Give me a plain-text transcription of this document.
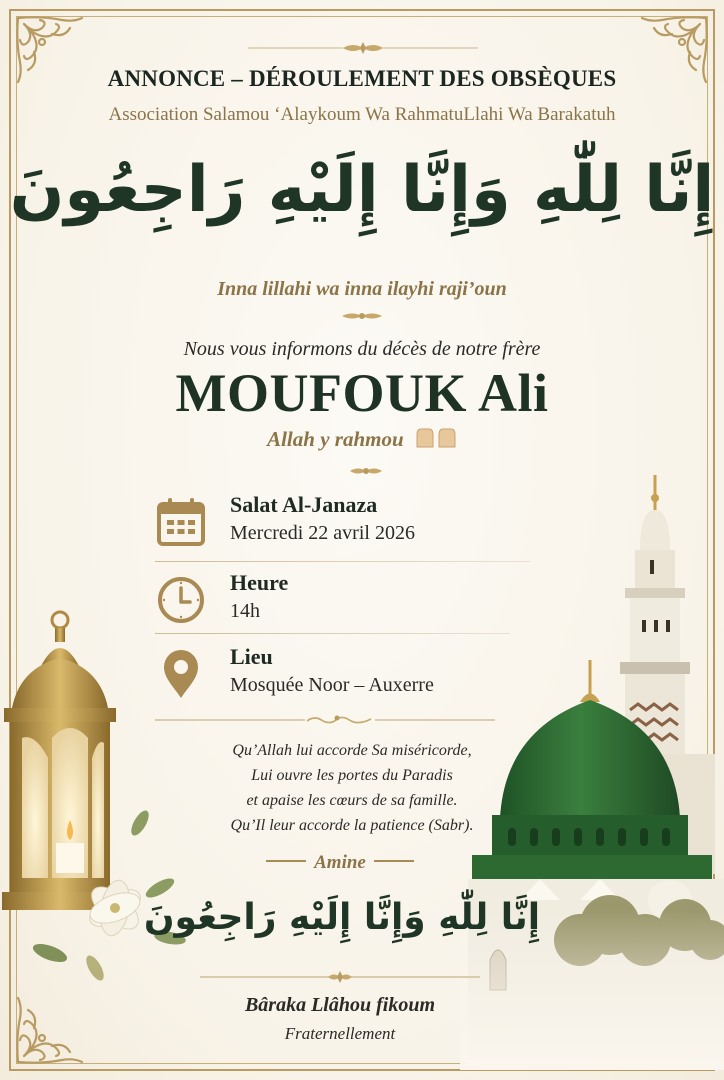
ANNONCE – DÉROULEMENT DES OBSÈQUES
Association Salamou ‘Alaykoum Wa RahmatuLlahi Wa Barakatuh
إِنَّا لِلّٰهِ وَإِنَّا إِلَيْهِ رَاجِعُونَ
Inna lillahi wa inna ilayhi raji’oun
Nous vous informons du décès de notre frère
MOUFOUK Ali
Allah y rahmou
Salat Al-Janaza
Mercredi 22 avril 2026
Heure
14h
Lieu
Mosquée Noor – Auxerre
Qu’Allah lui accorde Sa miséricorde,
Lui ouvre les portes du Paradis
et apaise les cœurs de sa famille.
Qu’Il leur accorde la patience (Sabr).
Amine
إِنَّا لِلّٰهِ وَإِنَّا إِلَيْهِ رَاجِعُونَ
Bâraka Llâhou fikoum
Fraternellement
